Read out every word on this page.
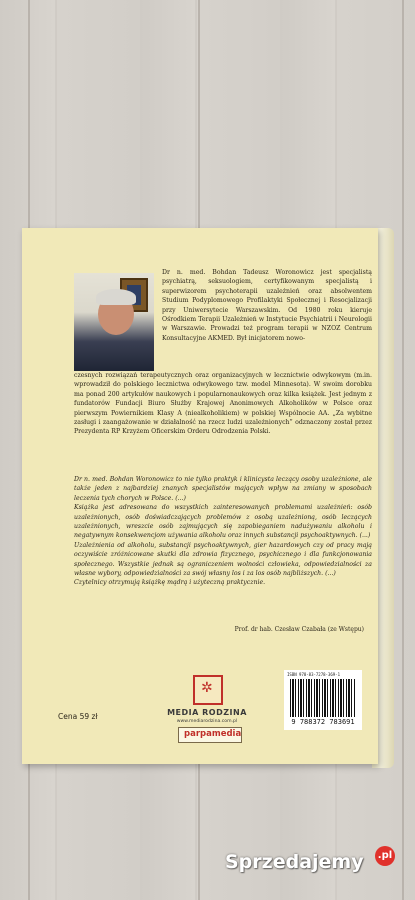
Dr n. med. Bohdan Tadeusz Woronowicz jest specjalistą psychiatrą, seksuologiem, certyfikowanym specjalistą i superwizorem psychoterapii uzależnień oraz absolwentem Studium Podyplomowego Profilaktyki Społecznej i Resocjalizacji przy Uniwersytecie Warszawskim. Od 1980 roku kieruje Ośrodkiem Terapii Uzależnień w Instytucie Psychiatrii i Neurologii w Warszawie. Prowadzi też program terapii w NZOZ Centrum Konsultacyjne AKMED. Był inicjatorem nowo-
czesnych rozwiązań terapeutycznych oraz organizacyjnych w lecznictwie odwykowym (m.in. wprowadził do polskiego lecznictwa odwykowego tzw. model Minnesota). W swoim dorobku ma ponad 200 artykułów naukowych i popularnonaukowych oraz kilka książek. Jest jednym z fundatorów Fundacji Biuro Służby Krajowej Anonimowych Alkoholików w Polsce oraz pierwszym Powiernikiem Klasy A (niealkoholikiem) w polskiej Wspólnocie AA. „Za wybitne zasługi i zaangażowanie w działalność na rzecz ludzi uzależnionych” odznaczony został przez Prezydenta RP Krzyżem Oficerskim Orderu Odrodzenia Polski.

Dr n. med. Bohdan Woronowicz to nie tylko praktyk i klinicysta leczący osoby uzależnione, ale także jeden z najbardziej znanych specjalistów mających wpływ na zmiany w sposobach leczenia tych chorych w Polsce. (...)

Książka jest adresowana do wszystkich zainteresowanych problemami uzależnień: osób uzależnionych, osób doświadczających problemów z osobą uzależnioną, osób leczących uzależnionych, wreszcie osób zajmujących się zapobieganiem nadużywaniu alkoholu i negatywnym konsekwencjom używania alkoholu oraz innych substancji psychoaktywnych. (...)

Uzależnienia od alkoholu, substancji psychoaktywnych, gier hazardowych czy od pracy mają oczywiście zróżnicowane skutki dla zdrowia fizycznego, psychicznego i dla funkcjonowania społecznego. Wszystkie jednak są ograniczeniem wolności człowieka, odpowiedzialności za własne wybory, odpowiedzialności za swój własny los i za los osób najbliższych. (...)

Czytelnicy otrzymują książkę mądrą i użyteczną praktycznie.

Prof. dr hab. Czesław Czabała (ze Wstępu)
Cena 59 zł
✲
MEDIA RODZINA
www.mediarodzina.com.pl
parpamedia
ISBN 978-83-7278-369-1
9 788372 783691
Sprzedajemy .pl
